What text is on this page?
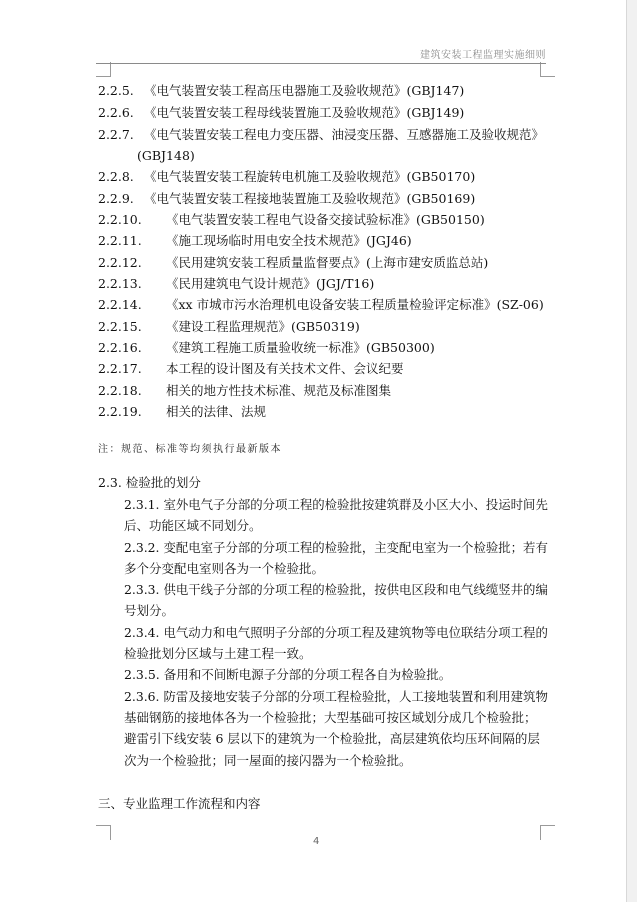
建筑安装工程监理实施细则
2.2.5. 《电气装置安装工程高压电器施工及验收规范》(GBJ147)
2.2.6. 《电气装置安装工程母线装置施工及验收规范》(GBJ149)
2.2.7. 《电气装置安装工程电力变压器、油浸变压器、互感器施工及验收规范》
(GBJ148)
2.2.8. 《电气装置安装工程旋转电机施工及验收规范》(GB50170)
2.2.9. 《电气装置安装工程接地装置施工及验收规范》(GB50169)
2.2.10. 《电气装置安装工程电气设备交接试验标准》(GB50150)
2.2.11. 《施工现场临时用电安全技术规范》(JGJ46)
2.2.12. 《民用建筑安装工程质量监督要点》(上海市建安质监总站)
2.2.13. 《民用建筑电气设计规范》(JGJ/T16)
2.2.14. 《xx 市城市污水治理机电设备安装工程质量检验评定标准》(SZ-06)
2.2.15. 《建设工程监理规范》(GB50319)
2.2.16. 《建筑工程施工质量验收统一标准》(GB50300)
2.2.17. 本工程的设计图及有关技术文件、会议纪要
2.2.18. 相关的地方性技术标准、规范及标准图集
2.2.19. 相关的法律、法规
注：规范、标准等均须执行最新版本
2.3. 检验批的划分
2.3.1. 室外电气子分部的分项工程的检验批按建筑群及小区大小、投运时间先
后、功能区域不同划分。
2.3.2. 变配电室子分部的分项工程的检验批，主变配电室为一个检验批；若有
多个分变配电室则各为一个检验批。
2.3.3. 供电干线子分部的分项工程的检验批，按供电区段和电气线缆竖井的编
号划分。
2.3.4. 电气动力和电气照明子分部的分项工程及建筑物等电位联结分项工程的
检验批划分区域与土建工程一致。
2.3.5. 备用和不间断电源子分部的分项工程各自为检验批。
2.3.6. 防雷及接地安装子分部的分项工程检验批，人工接地装置和利用建筑物
基础钢筋的接地体各为一个检验批；大型基础可按区域划分成几个检验批；
避雷引下线安装 6 层以下的建筑为一个检验批，高层建筑依均压环间隔的层
次为一个检验批；同一屋面的接闪器为一个检验批。
三、专业监理工作流程和内容
4
